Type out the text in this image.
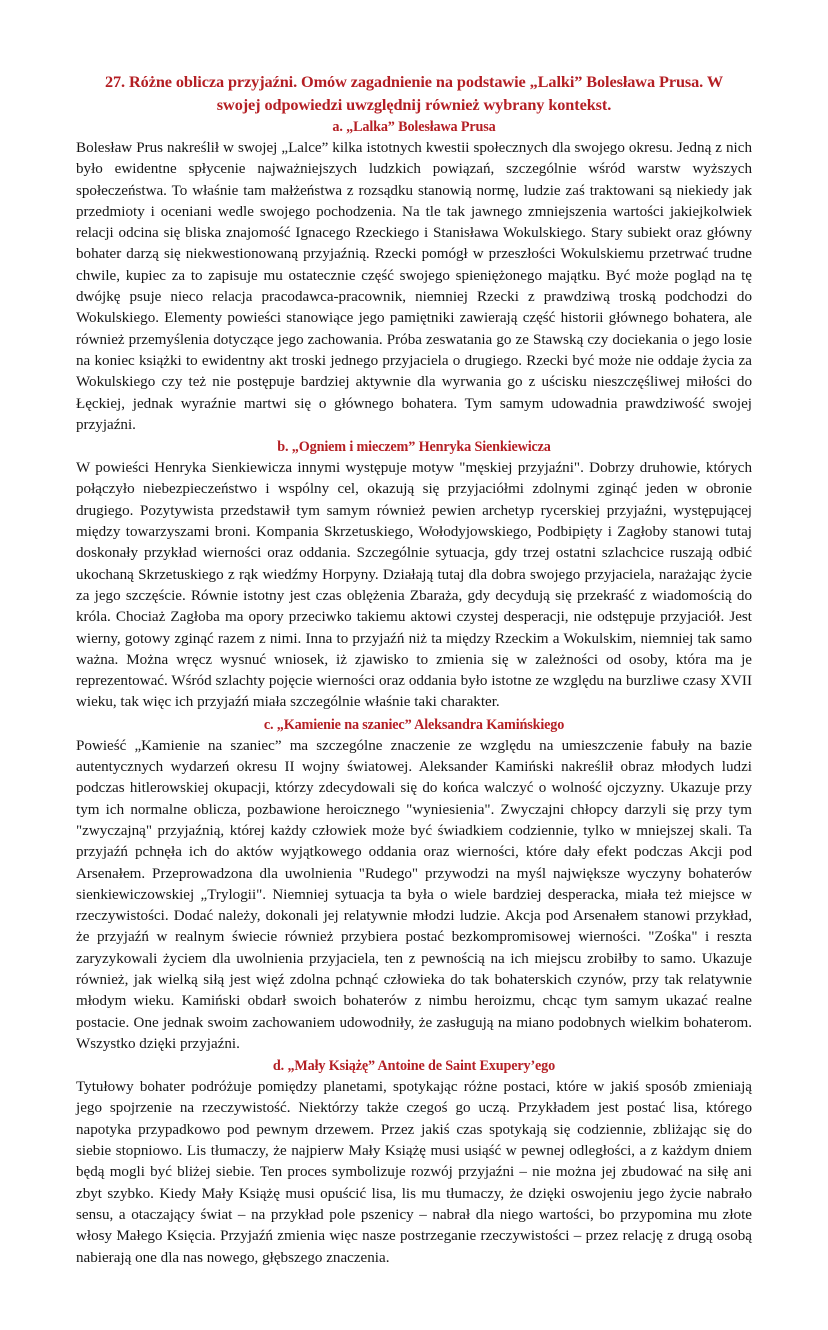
27. Różne oblicza przyjaźni. Omów zagadnienie na podstawie „Lalki” Bolesława Prusa. W swojej odpowiedzi uwzględnij również wybrany kontekst.
a. „Lalka” Bolesława Prusa

Bolesław Prus nakreślił w swojej „Lalce” kilka istotnych kwestii społecznych dla swojego okresu. Jedną z nich było ewidentne spłycenie najważniejszych ludzkich powiązań, szczególnie wśród warstw wyższych społeczeństwa. To właśnie tam małżeństwa z rozsądku stanowią normę, ludzie zaś traktowani są niekiedy jak przedmioty i oceniani wedle swojego pochodzenia. Na tle tak jawnego zmniejszenia wartości jakiejkolwiek relacji odcina się bliska znajomość Ignacego Rzeckiego i Stanisława Wokulskiego. Stary subiekt oraz główny bohater darzą się niekwestionowaną przyjaźnią. Rzecki pomógł w przeszłości Wokulskiemu przetrwać trudne chwile, kupiec za to zapisuje mu ostatecznie część swojego spieniężonego majątku. Być może pogląd na tę dwójkę psuje nieco relacja pracodawca-pracownik, niemniej Rzecki z prawdziwą troską podchodzi do Wokulskiego. Elementy powieści stanowiące jego pamiętniki zawierają część historii głównego bohatera, ale również przemyślenia dotyczące jego zachowania. Próba zeswatania go ze Stawską czy dociekania o jego losie na koniec książki to ewidentny akt troski jednego przyjaciela o drugiego. Rzecki być może nie oddaje życia za Wokulskiego czy też nie postępuje bardziej aktywnie dla wyrwania go z uścisku nieszczęśliwej miłości do Łęckiej, jednak wyraźnie martwi się o głównego bohatera. Tym samym udowadnia prawdziwość swojej przyjaźni.

b. „Ogniem i mieczem” Henryka Sienkiewicza

W powieści Henryka Sienkiewicza innymi występuje motyw "męskiej przyjaźni". Dobrzy druhowie, których połączyło niebezpieczeństwo i wspólny cel, okazują się przyjaciółmi zdolnymi zginąć jeden w obronie drugiego. Pozytywista przedstawił tym samym również pewien archetyp rycerskiej przyjaźni, występującej między towarzyszami broni. Kompania Skrzetuskiego, Wołodyjowskiego, Podbipięty i Zagłoby stanowi tutaj doskonały przykład wierności oraz oddania. Szczególnie sytuacja, gdy trzej ostatni szlachcice ruszają odbić ukochaną Skrzetuskiego z rąk wiedźmy Horpyny. Działają tutaj dla dobra swojego przyjaciela, narażając życie za jego szczęście. Równie istotny jest czas oblężenia Zbaraża, gdy decydują się przekraść z wiadomością do króla. Chociaż Zagłoba ma opory przeciwko takiemu aktowi czystej desperacji, nie odstępuje przyjaciół. Jest wierny, gotowy zginąć razem z nimi. Inna to przyjaźń niż ta między Rzeckim a Wokulskim, niemniej tak samo ważna. Można wręcz wysnuć wniosek, iż zjawisko to zmienia się w zależności od osoby, która ma je reprezentować. Wśród szlachty pojęcie wierności oraz oddania było istotne ze względu na burzliwe czasy XVII wieku, tak więc ich przyjaźń miała szczególnie właśnie taki charakter.

c. „Kamienie na szaniec” Aleksandra Kamińskiego

Powieść „Kamienie na szaniec” ma szczególne znaczenie ze względu na umieszczenie fabuły na bazie autentycznych wydarzeń okresu II wojny światowej. Aleksander Kamiński nakreślił obraz młodych ludzi podczas hitlerowskiej okupacji, którzy zdecydowali się do końca walczyć o wolność ojczyzny. Ukazuje przy tym ich normalne oblicza, pozbawione heroicznego "wyniesienia". Zwyczajni chłopcy darzyli się przy tym "zwyczajną" przyjaźnią, której każdy człowiek może być świadkiem codziennie, tylko w mniejszej skali. Ta przyjaźń pchnęła ich do aktów wyjątkowego oddania oraz wierności, które dały efekt podczas Akcji pod Arsenałem. Przeprowadzona dla uwolnienia "Rudego" przywodzi na myśl największe wyczyny bohaterów sienkiewiczowskiej „Trylogii". Niemniej sytuacja ta była o wiele bardziej desperacka, miała też miejsce w rzeczywistości. Dodać należy, dokonali jej relatywnie młodzi ludzie. Akcja pod Arsenałem stanowi przykład, że przyjaźń w realnym świecie również przybiera postać bezkompromisowej wierności. "Zośka" i reszta zaryzykowali życiem dla uwolnienia przyjaciela, ten z pewnością na ich miejscu zrobiłby to samo. Ukazuje również, jak wielką siłą jest więź zdolna pchnąć człowieka do tak bohaterskich czynów, przy tak relatywnie młodym wieku. Kamiński obdarł swoich bohaterów z nimbu heroizmu, chcąc tym samym ukazać realne postacie. One jednak swoim zachowaniem udowodniły, że zasługują na miano podobnych wielkim bohaterom. Wszystko dzięki przyjaźni.

d. „Mały Książę” Antoine de Saint Exupery’ego

Tytułowy bohater podróżuje pomiędzy planetami, spotykając różne postaci, które w jakiś sposób zmieniają jego spojrzenie na rzeczywistość. Niektórzy także czegoś go uczą. Przykładem jest postać lisa, którego napotyka przypadkowo pod pewnym drzewem. Przez jakiś czas spotykają się codziennie, zbliżając się do siebie stopniowo. Lis tłumaczy, że najpierw Mały Książę musi usiąść w pewnej odległości, a z każdym dniem będą mogli być bliżej siebie. Ten proces symbolizuje rozwój przyjaźni – nie można jej zbudować na siłę ani zbyt szybko. Kiedy Mały Książę musi opuścić lisa, lis mu tłumaczy, że dzięki oswojeniu jego życie nabrało sensu, a otaczający świat – na przykład pole pszenicy – nabrał dla niego wartości, bo przypomina mu złote włosy Małego Księcia. Przyjaźń zmienia więc nasze postrzeganie rzeczywistości – przez relację z drugą osobą nabierają one dla nas nowego, głębszego znaczenia.
